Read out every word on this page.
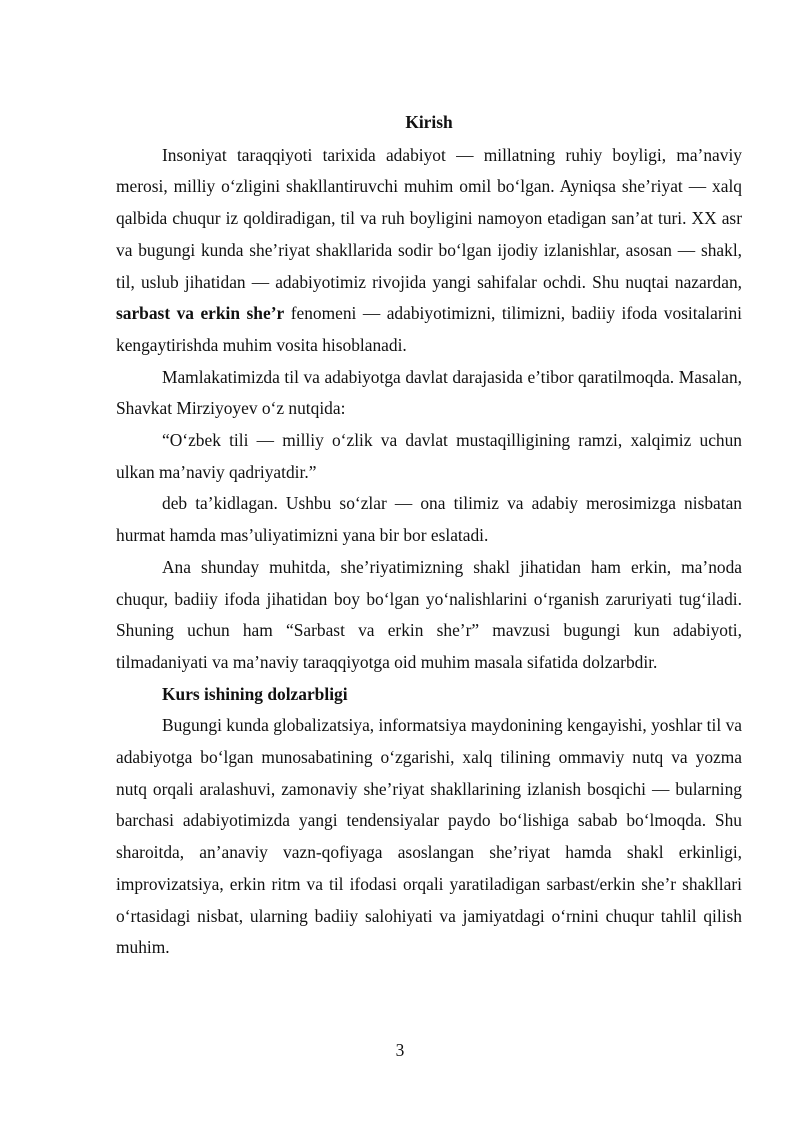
Kirish

Insoniyat taraqqiyoti tarixida adabiyot — millatning ruhiy boyligi, ma’naviy merosi, milliy o‘zligini shakllantiruvchi muhim omil bo‘lgan. Ayniqsa she’riyat — xalq qalbida chuqur iz qoldiradigan, til va ruh boyligini namoyon etadigan san’at turi. XX asr va bugungi kunda she’riyat shakllarida sodir bo‘lgan ijodiy izlanishlar, asosan — shakl, til, uslub jihatidan — adabiyotimiz rivojida yangi sahifalar ochdi. Shu nuqtai nazardan, sarbast va erkin she’r fenomeni — adabiyotimizni, tilimizni, badiiy ifoda vositalarini kengaytirishda muhim vosita hisoblanadi.

Mamlakatimizda til va adabiyotga davlat darajasida e’tibor qaratilmoqda. Masalan, Shavkat Mirziyoyev o‘z nutqida:

“O‘zbek tili — milliy o‘zlik va davlat mustaqilligining ramzi, xalqimiz uchun ulkan ma’naviy qadriyatdir.”

deb ta’kidlagan. Ushbu so‘zlar — ona tilimiz va adabiy merosimizga nisbatan hurmat hamda mas’uliyatimizni yana bir bor eslatadi.

Ana shunday muhitda, she’riyatimizning shakl jihatidan ham erkin, ma’noda chuqur, badiiy ifoda jihatidan boy bo‘lgan yo‘nalishlarini o‘rganish zaruriyati tug‘iladi. Shuning uchun ham “Sarbast va erkin she’r” mavzusi bugungi kun adabiyoti, tilmadaniyati va ma’naviy taraqqiyotga oid muhim masala sifatida dolzarbdir.

Kurs ishining dolzarbligi

Bugungi kunda globalizatsiya, informatsiya maydonining kengayishi, yoshlar til va adabiyotga bo‘lgan munosabatining o‘zgarishi, xalq tilining ommaviy nutq va yozma nutq orqali aralashuvi, zamonaviy she’riyat shakllarining izlanish bosqichi — bularning barchasi adabiyotimizda yangi tendensiyalar paydo bo‘lishiga sabab bo‘lmoqda. Shu sharoitda, an’anaviy vazn-qofiyaga asoslangan she’riyat hamda shakl erkinligi, improvizatsiya, erkin ritm va til ifodasi orqali yaratiladigan sarbast/erkin she’r shakllari o‘rtasidagi nisbat, ularning badiiy salohiyati va jamiyatdagi o‘rnini chuqur tahlil qilish muhim.

3
